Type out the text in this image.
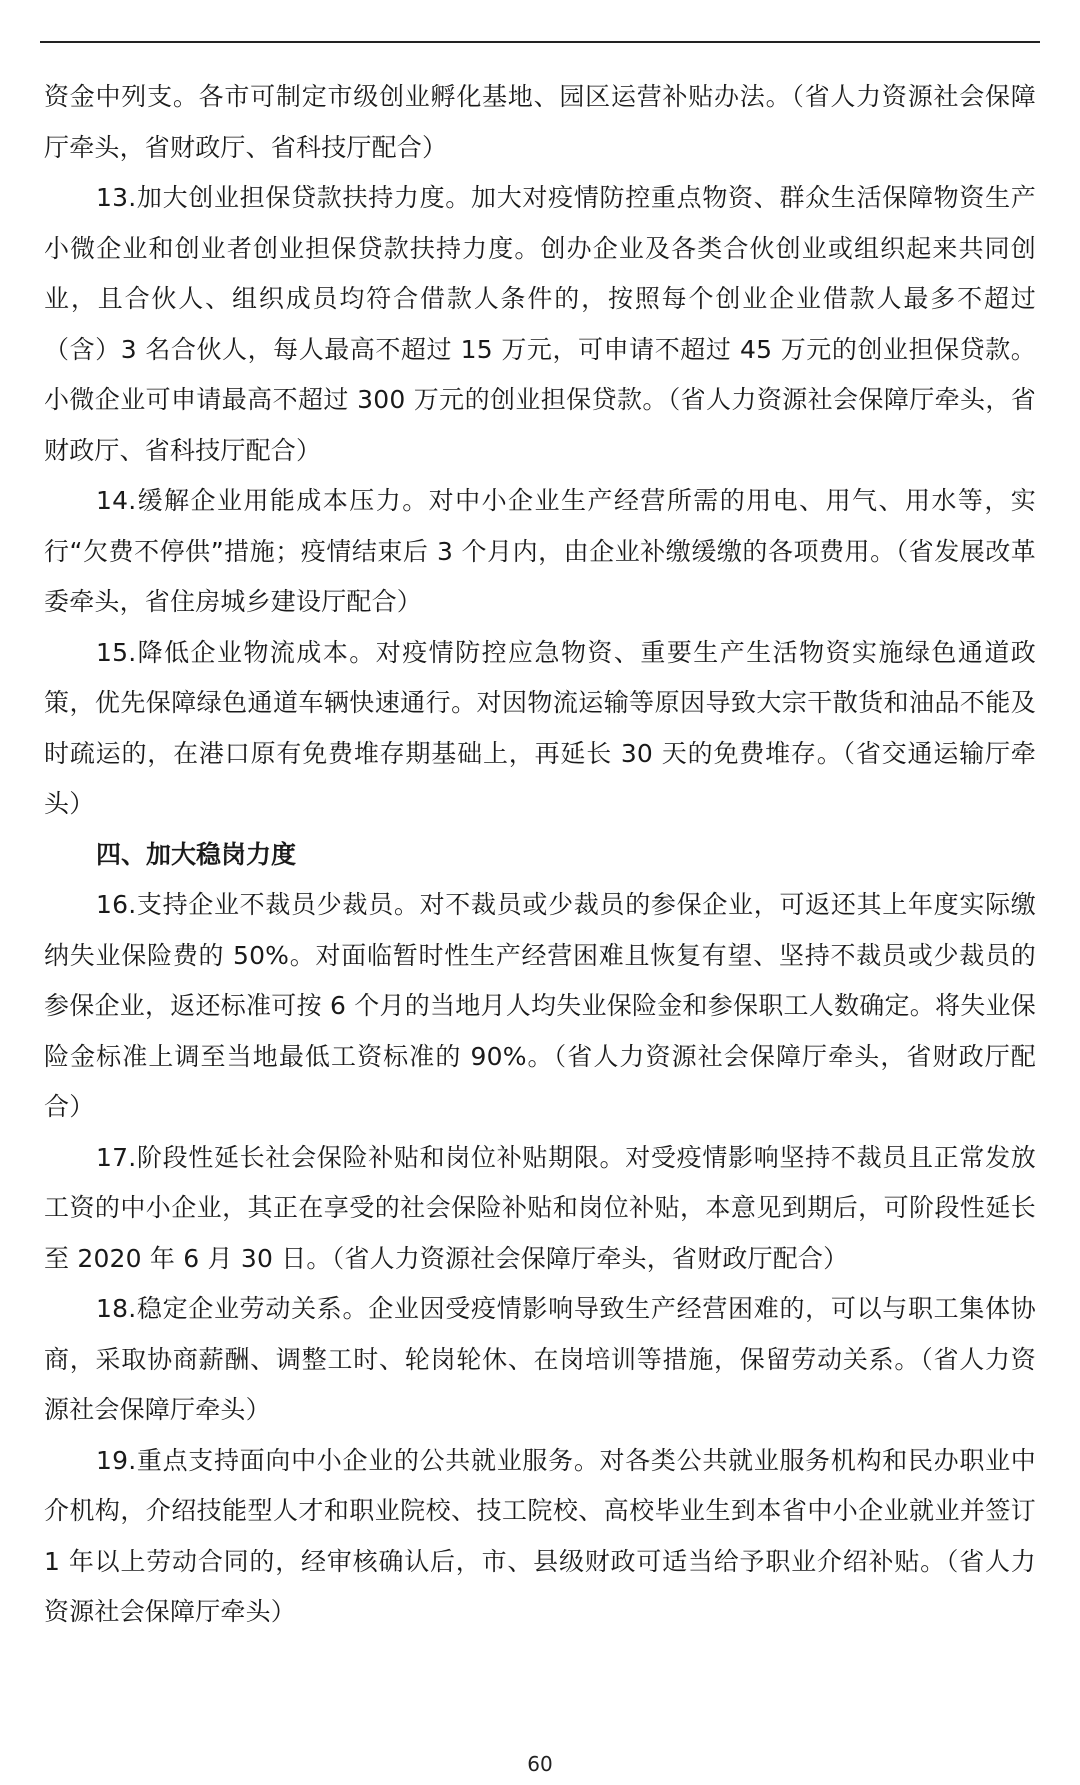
资金中列支。各市可制定市级创业孵化基地、园区运营补贴办法。（省人力资源社会保障厅牵头，省财政厅、省科技厅配合）

13.加大创业担保贷款扶持力度。加大对疫情防控重点物资、群众生活保障物资生产小微企业和创业者创业担保贷款扶持力度。创办企业及各类合伙创业或组织起来共同创业，且合伙人、组织成员均符合借款人条件的，按照每个创业企业借款人最多不超过（含）3 名合伙人，每人最高不超过 15 万元，可申请不超过 45 万元的创业担保贷款。小微企业可申请最高不超过 300 万元的创业担保贷款。（省人力资源社会保障厅牵头，省财政厅、省科技厅配合）

14.缓解企业用能成本压力。对中小企业生产经营所需的用电、用气、用水等，实行“欠费不停供”措施；疫情结束后 3 个月内，由企业补缴缓缴的各项费用。（省发展改革委牵头，省住房城乡建设厅配合）

15.降低企业物流成本。对疫情防控应急物资、重要生产生活物资实施绿色通道政策，优先保障绿色通道车辆快速通行。对因物流运输等原因导致大宗干散货和油品不能及时疏运的，在港口原有免费堆存期基础上，再延长 30 天的免费堆存。（省交通运输厅牵头）

四、加大稳岗力度

16.支持企业不裁员少裁员。对不裁员或少裁员的参保企业，可返还其上年度实际缴纳失业保险费的 50%。对面临暂时性生产经营困难且恢复有望、坚持不裁员或少裁员的参保企业，返还标准可按 6 个月的当地月人均失业保险金和参保职工人数确定。将失业保险金标准上调至当地最低工资标准的 90%。（省人力资源社会保障厅牵头，省财政厅配合）

17.阶段性延长社会保险补贴和岗位补贴期限。对受疫情影响坚持不裁员且正常发放工资的中小企业，其正在享受的社会保险补贴和岗位补贴，本意见到期后，可阶段性延长至 2020 年 6 月 30 日。（省人力资源社会保障厅牵头，省财政厅配合）

18.稳定企业劳动关系。企业因受疫情影响导致生产经营困难的，可以与职工集体协商，采取协商薪酬、调整工时、轮岗轮休、在岗培训等措施，保留劳动关系。（省人力资源社会保障厅牵头）

19.重点支持面向中小企业的公共就业服务。对各类公共就业服务机构和民办职业中介机构，介绍技能型人才和职业院校、技工院校、高校毕业生到本省中小企业就业并签订 1 年以上劳动合同的，经审核确认后，市、县级财政可适当给予职业介绍补贴。（省人力资源社会保障厅牵头）

60
